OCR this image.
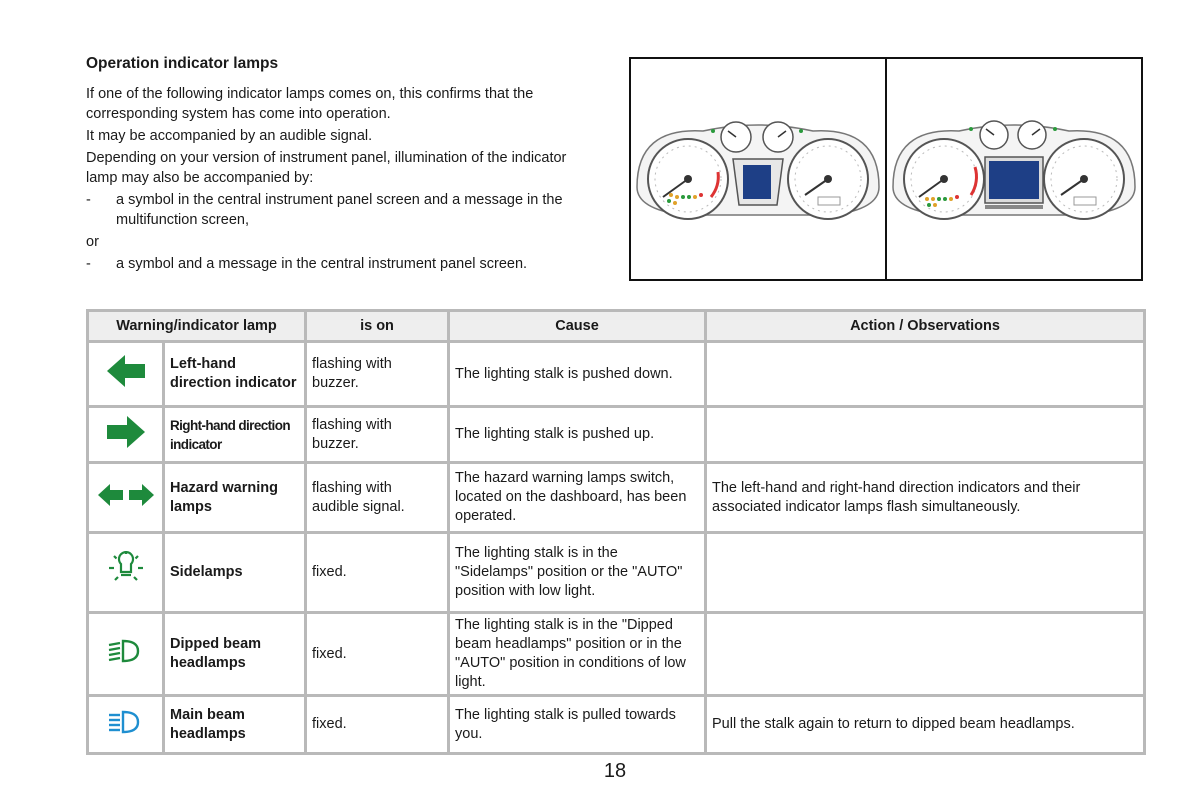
Operation indicator lamps

If one of the following indicator lamps comes on, this confirms that the corresponding system has come into operation.

It may be accompanied by an audible signal.

Depending on your version of instrument panel, illumination of the indicator lamp may also be accompanied by:

-	a symbol in the central instrument panel screen and a message in the multifunction screen,

or

-	a symbol and a message in the central instrument panel screen.
Warning/indicator lamp		is on	Cause	Action / Observations
	Left-hand direction indicator	flashing with buzzer.	The lighting stalk is pushed down.	
	Right-hand direction indicator	flashing with buzzer.	The lighting stalk is pushed up.	
	Hazard warning lamps	flashing with audible signal.	The hazard warning lamps switch, located on the dashboard, has been operated.	The left-hand and right-hand direction indicators and their associated indicator lamps flash simultaneously.
	Sidelamps	fixed.	The lighting stalk is in the "Sidelamps" position or the "AUTO" position with low light.	
	Dipped beam headlamps	fixed.	The lighting stalk is in the "Dipped beam headlamps" position or in the "AUTO" position in conditions of low light.	
	Main beam headlamps	fixed.	The lighting stalk is pulled towards you.	Pull the stalk again to return to dipped beam headlamps.
18
